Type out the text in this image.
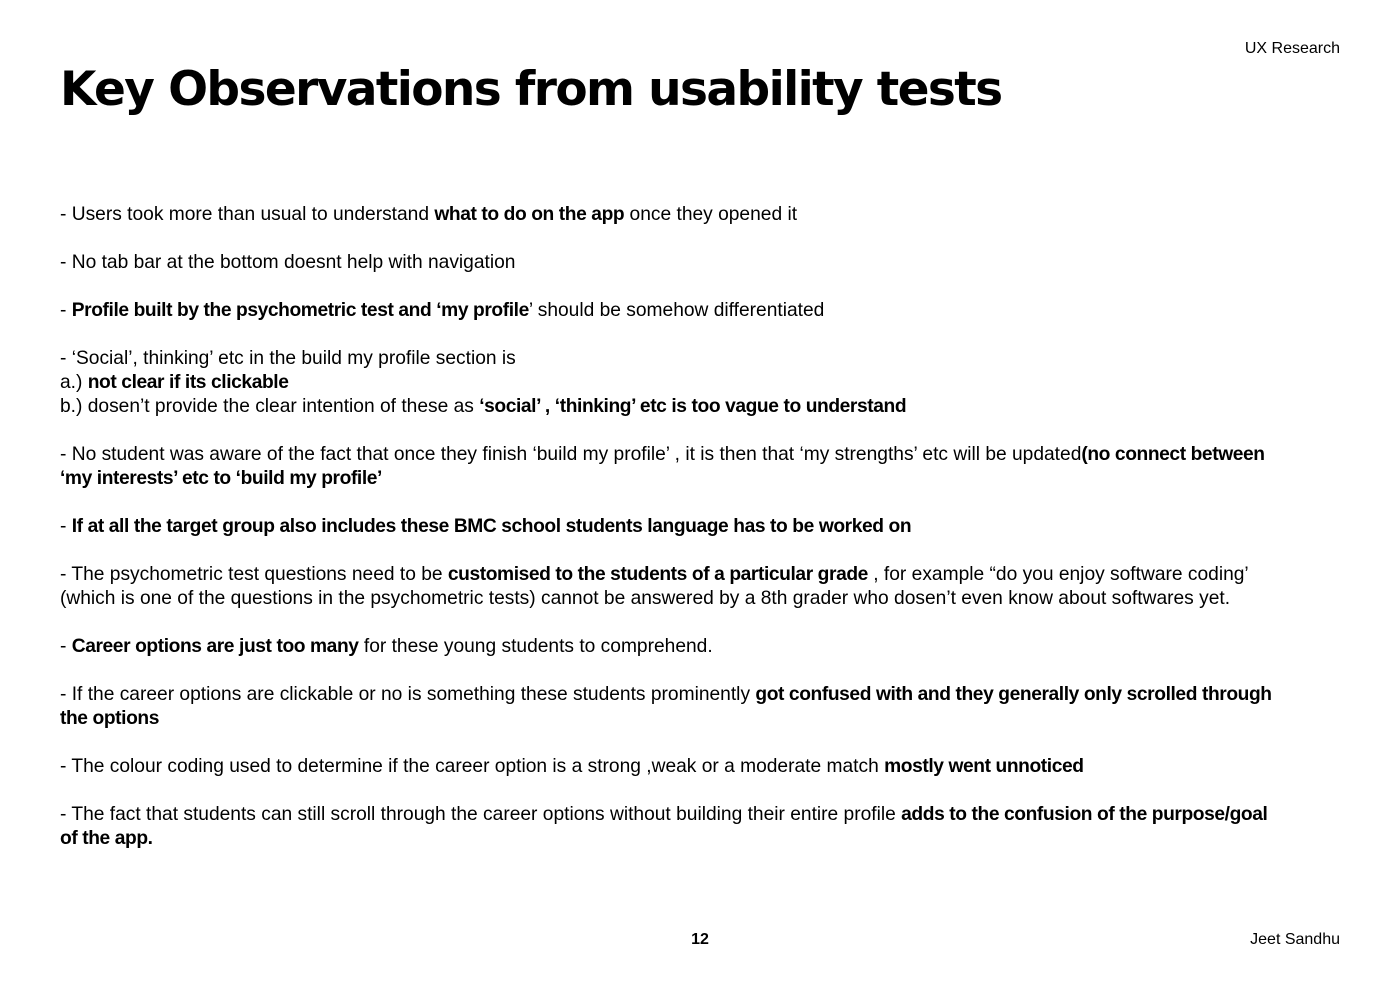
UX Research
Key Observations from usability tests
- Users took more than usual to understand what to do on the app once they opened it
- No tab bar at the bottom doesnt help with navigation
- Profile built by the psychometric test and ‘my profile’ should be somehow differentiated
- ‘Social’, thinking’ etc in the build my profile section is
a.) not clear if its clickable
b.) dosen’t provide the clear intention of these as ‘social’ , ‘thinking’ etc is too vague to understand
- No student was aware of the fact that once they finish ‘build my profile’ , it is then that ‘my strengths’ etc will be updated(no connect between ‘my interests’ etc to ‘build my profile’
- If at all the target group also includes these BMC school students language has to be worked on
- The psychometric test questions need to be customised to the students of a particular grade , for example “do you enjoy software coding’ (which is one of the questions in the psychometric tests) cannot be answered by a 8th grader who dosen’t even know about softwares yet.
- Career options are just too many for these young students to comprehend.
- If the career options are clickable or no is something these students prominently got confused with and they generally only scrolled through the options
- The colour coding used to determine if the career option is a strong ,weak or a moderate match mostly went unnoticed
- The fact that students can still scroll through the career options without building their entire profile adds to the confusion of the purpose/goal of the app.
12	Jeet Sandhu
